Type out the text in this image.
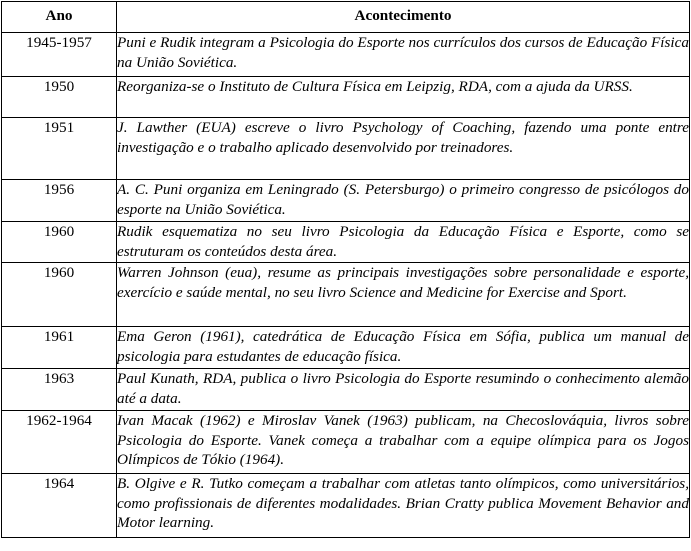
Ano	Acontecimento
1945-1957	Puni e Rudik integram a Psicologia do Esporte nos currículos dos cursos de Educação Física na União Soviética.
1950	Reorganiza-se o Instituto de Cultura Física em Leipzig, RDA, com a ajuda da URSS.
1951	J. Lawther (EUA) escreve o livro Psychology of Coaching, fazendo uma ponte entre investigação e o trabalho aplicado desenvolvido por treinadores.
1956	A. C. Puni organiza em Leningrado (S. Petersburgo) o primeiro congresso de psicólogos do esporte na União Soviética.
1960	Rudik esquematiza no seu livro Psicologia da Educação Física e Esporte, como se estruturam os conteúdos desta área.
1960	Warren Johnson (eua), resume as principais investigações sobre personalidade e esporte, exercício e saúde mental, no seu livro Science and Medicine for Exercise and Sport.
1961	Ema Geron (1961), catedrática de Educação Física em Sófia, publica um manual de psicologia para estudantes de educação física.
1963	Paul Kunath, RDA, publica o livro Psicologia do Esporte resumindo o conhecimento alemão até a data.
1962-1964	Ivan Macak (1962) e Miroslav Vanek (1963) publicam, na Checoslováquia, livros sobre Psicologia do Esporte. Vanek começa a trabalhar com a equipe olímpica para os Jogos Olímpicos de Tókio (1964).
1964	B. Olgive e R. Tutko começam a trabalhar com atletas tanto olímpicos, como universitários, como profissionais de diferentes modalidades. Brian Cratty publica Movement Behavior and Motor learning.
